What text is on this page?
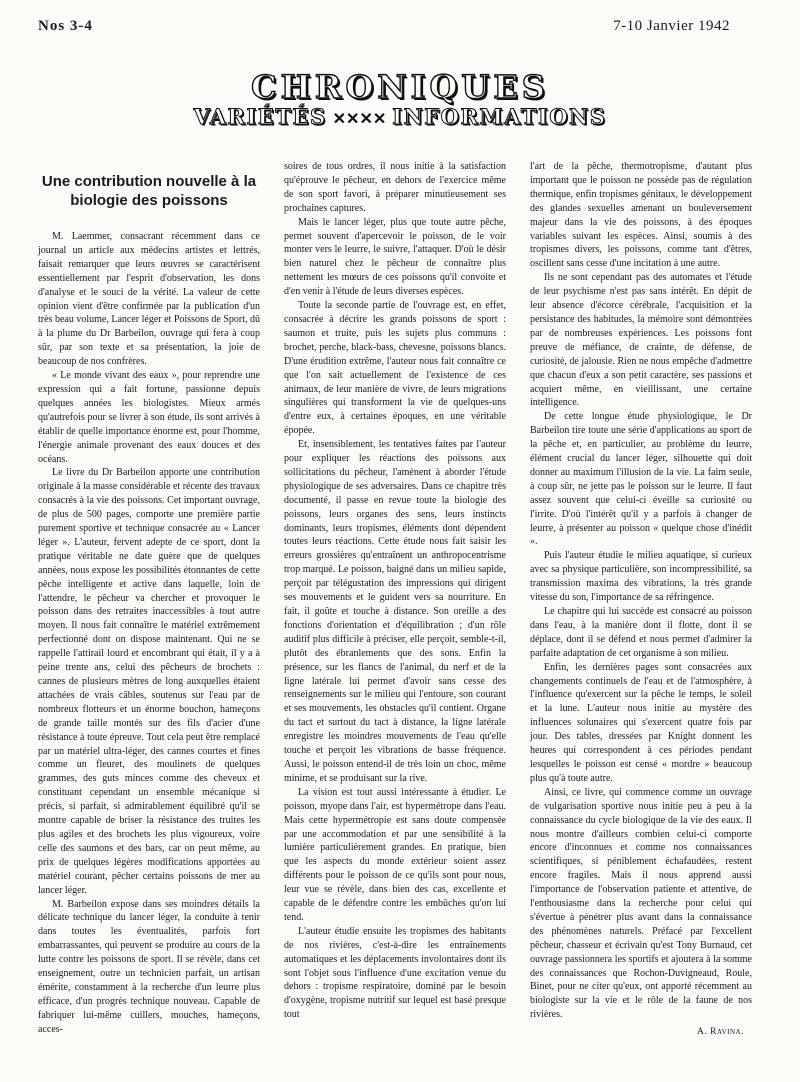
Nos 3-4	7-10 Janvier 1942
CHRONIQUES
VARIÉTÉS ✕✕✕✕ INFORMATIONS
Une contribution nouvelle à la biologie des poissons

M. Laemmer, consacrant récemment dans ce journal un article aux médecins artistes et lettrés, faisait remarquer que leurs œuvres se caractérisent essentiellement par l'esprit d'observation, les dons d'analyse et le souci de la vérité. La valeur de cette opinion vient d'être confirmée par la publication d'un très beau volume, Lancer léger et Poissons de Sport, dû à la plume du Dr Barbeilon, ouvrage qui fera à coup sûr, par son texte et sa présentation, la joie de beaucoup de nos confrères.

« Le monde vivant des eaux », pour reprendre une expression qui a fait fortune, passionne depuis quelques années les biologistes. Mieux armés qu'autrefois pour se livrer à son étude, ils sont arrivés à établir de quelle importance énorme est, pour l'homme, l'énergie animale provenant des eaux douces et des océans.

Le livre du Dr Barbeilon apporte une contribution originale à la masse considérable et récente des travaux consacrés à la vie des poissons. Cet important ouvrage, de plus de 500 pages, comporte une première partie purement sportive et technique consacrée au « Lancer léger ». L'auteur, fervent adepte de ce sport, dont la pratique véritable ne date guère que de quelques années, nous expose les possibilités étonnantes de cette pêche intelligente et active dans laquelle, loin de l'attendre, le pêcheur va chercher et provoquer le poisson dans des retraites inaccessibles à tout autre moyen. Il nous fait connaître le matériel extrêmement perfectionné dont on dispose maintenant. Qui ne se rappelle l'attirail lourd et encombrant qui était, il y a à peine trente ans, celui des pêcheurs de brochets : cannes de plusieurs mètres de long auxquelles étaient attachées de vrais câbles, soutenus sur l'eau par de nombreux flotteurs et un énorme bouchon, hameçons de grande taille montés sur des fils d'acier d'une résistance à toute épreuve. Tout cela peut être remplacé par un matériel ultra-léger, des cannes courtes et fines comme un fleuret, des moulinets de quelques grammes, des guts minces comme des cheveux et constituant cependant un ensemble mécanique si précis, si parfait, si admirablement équilibré qu'il se montre capable de briser la résistance des truites les plus agiles et des brochets les plus vigoureux, voire celle des saumons et des bars, car on peut même, au prix de quelques légères modifications apportées au matériel courant, pêcher certains poissons de mer au lancer léger.

M. Barbeilon expose dans ses moindres détails la délicate technique du lancer léger, la conduite à tenir dans toutes les éventualités, parfois fort embarrassantes, qui peuvent se produire au cours de la lutte contre les poissons de sport. Il se révèle, dans cet enseignement, outre un technicien parfait, un artisan émérite, constamment à la recherche d'un leurre plus efficace, d'un progrès technique nouveau. Capable de fabriquer lui-même cuillers, mouches, hameçons, acces-

soires de tous ordres, il nous initie à la satisfaction qu'éprouve le pêcheur, en dehors de l'exercice même de son sport favori, à préparer minutieusement ses prochaines captures.

Mais le lancer léger, plus que toute autre pêche, permet souvent d'apercevoir le poisson, de le voir monter vers le leurre, le suivre, l'attaquer. D'où le désir bien naturel chez le pêcheur de connaître plus nettement les mœurs de ces poissons qu'il convoite et d'en venir à l'étude de leurs diverses espèces.

Toute la seconde partie de l'ouvrage est, en effet, consacrée à décrire les grands poissons de sport : saumon et truite, puis les sujets plus communs : brochet, perche, black-bass, chevesne, poissons blancs. D'une érudition extrême, l'auteur nous fait connaître ce que l'on sait actuellement de l'existence de ces animaux, de leur manière de vivre, de leurs migrations singulières qui transforment la vie de quelques-uns d'entre eux, à certaines époques, en une véritable épopée.

Et, insensiblement, les tentatives faites par l'auteur pour expliquer les réactions des poissons aux sollicitations du pêcheur, l'amènent à aborder l'étude physiologique de ses adversaires. Dans ce chapitre très documenté, il passe en revue toute la biologie des poissons, leurs organes des sens, leurs instincts dominants, leurs tropismes, éléments dont dépendent toutes leurs réactions. Cette étude nous fait saisir les erreurs grossières qu'entraînent un anthropocentrisme trop marqué. Le poisson, baigné dans un milieu sapide, perçoit par télégustation des impressions qui dirigent ses mouvements et le guident vers sa nourriture. En fait, il goûte et touche à distance. Son oreille a des fonctions d'orientation et d'équilibration ; d'un rôle auditif plus difficile à préciser, elle perçoit, semble-t-il, plutôt des ébranlements que des sons. Enfin la présence, sur les flancs de l'animal, du nerf et de la ligne latérale lui permet d'avoir sans cesse des renseignements sur le milieu qui l'entoure, son courant et ses mouvements, les obstacles qu'il contient. Organe du tact et surtout du tact à distance, la ligne latérale enregistre les moindres mouvements de l'eau qu'elle touche et perçoit les vibrations de basse fréquence. Aussi, le poisson entend-il de très loin un choc, même minime, et se produisant sur la rive.

La vision est tout aussi intéressante à étudier. Le poisson, myope dans l'air, est hypermétrope dans l'eau. Mais cette hypermétropie est sans doute compensée par une accommodation et par une sensibilité à la lumière particulièrement grandes. En pratique, bien que les aspects du monde extérieur soient assez différents pour le poisson de ce qu'ils sont pour nous, leur vue se révèle, dans bien des cas, excellente et capable de le défendre contre les embûches qu'on lui tend.

L'auteur étudie ensuite les tropismes des habitants de nos rivières, c'est-à-dire les entraînements automatiques et les déplacements involontaires dont ils sont l'objet sous l'influence d'une excitation venue du dehors : tropisme respiratoire, dominé par le besoin d'oxygène, tropisme nutritif sur lequel est basé presque tout

l'art de la pêche, thermotropisme, d'autant plus important que le poisson ne possède pas de régulation thermique, enfin tropismes génitaux, le développement des glandes sexuelles amenant un bouleversement majeur dans la vie des poissons, à des époques variables suivant les espèces. Ainsi, soumis à des tropismes divers, les poissons, comme tant d'êtres, oscillent sans cesse d'une incitation à une autre.

Ils ne sont cependant pas des automates et l'étude de leur psychisme n'est pas sans intérêt. En dépit de leur absence d'écorce cérébrale, l'acquisition et la persistance des habitudes, la mémoire sont démontrées par de nombreuses expériences. Les poissons font preuve de méfiance, de crainte, de défense, de curiosité, de jalousie. Rien ne nous empêche d'admettre que chacun d'eux a son petit caractère, ses passions et acquiert même, en vieillissant, une certaine intelligence.

De cette longue étude physiologique, le Dr Barbeilon tire toute une série d'applications au sport de la pêche et, en particulier, au problème du leurre, élément crucial du lancer léger, silhouette qui doit donner au maximum l'illusion de la vie. La faim seule, à coup sûr, ne jette pas le poisson sur le leurre. Il faut assez souvent que celui-ci éveille sa curiosité ou l'irrite. D'où l'intérêt qu'il y a parfois à changer de leurre, à présenter au poisson « quelque chose d'inédit ».

Puis l'auteur étudie le milieu aquatique, si curieux avec sa physique particulière, son incompressibilité, sa transmission maxima des vibrations, la très grande vitesse du son, l'importance de sa réfringence.

Le chapitre qui lui succède est consacré au poisson dans l'eau, à la manière dont il flotte, dont il se déplace, dont il se défend et nous permet d'admirer la parfaite adaptation de cet organisme à son milieu.

Enfin, les dernières pages sont consacrées aux changements continuels de l'eau et de l'atmosphère, à l'influence qu'exercent sur la pêche le temps, le soleil et la lune. L'auteur nous initie au mystère des influences solunaires qui s'exercent quatre fois par jour. Des tables, dressées par Knight donnent les heures qui correspondent à ces périodes pendant lesquelles le poisson est censé « mordre » beaucoup plus qu'à toute autre.

Ainsi, ce livre, qui commence comme un ouvrage de vulgarisation sportive nous initie peu à peu à la connaissance du cycle biologique de la vie des eaux. Il nous montre d'ailleurs combien celui-ci comporte encore d'inconnues et comme nos connaissances scientifiques, si péniblement échafaudées, restent encore fragiles. Mais il nous apprend aussi l'importance de l'observation patiente et attentive, de l'enthousiasme dans la recherche pour celui qui s'évertue à pénétrer plus avant dans la connaissance des phénomènes naturels. Préfacé par l'excellent pêcheur, chasseur et écrivain qu'est Tony Burnaud, cet ouvrage passionnera les sportifs et ajoutera à la somme des connaissances que Rochon-Duvigneaud, Roule, Binet, pour ne citer qu'eux, ont apporté récemment au biologiste sur la vie et le rôle de la faune de nos rivières.

A. Ravina.
